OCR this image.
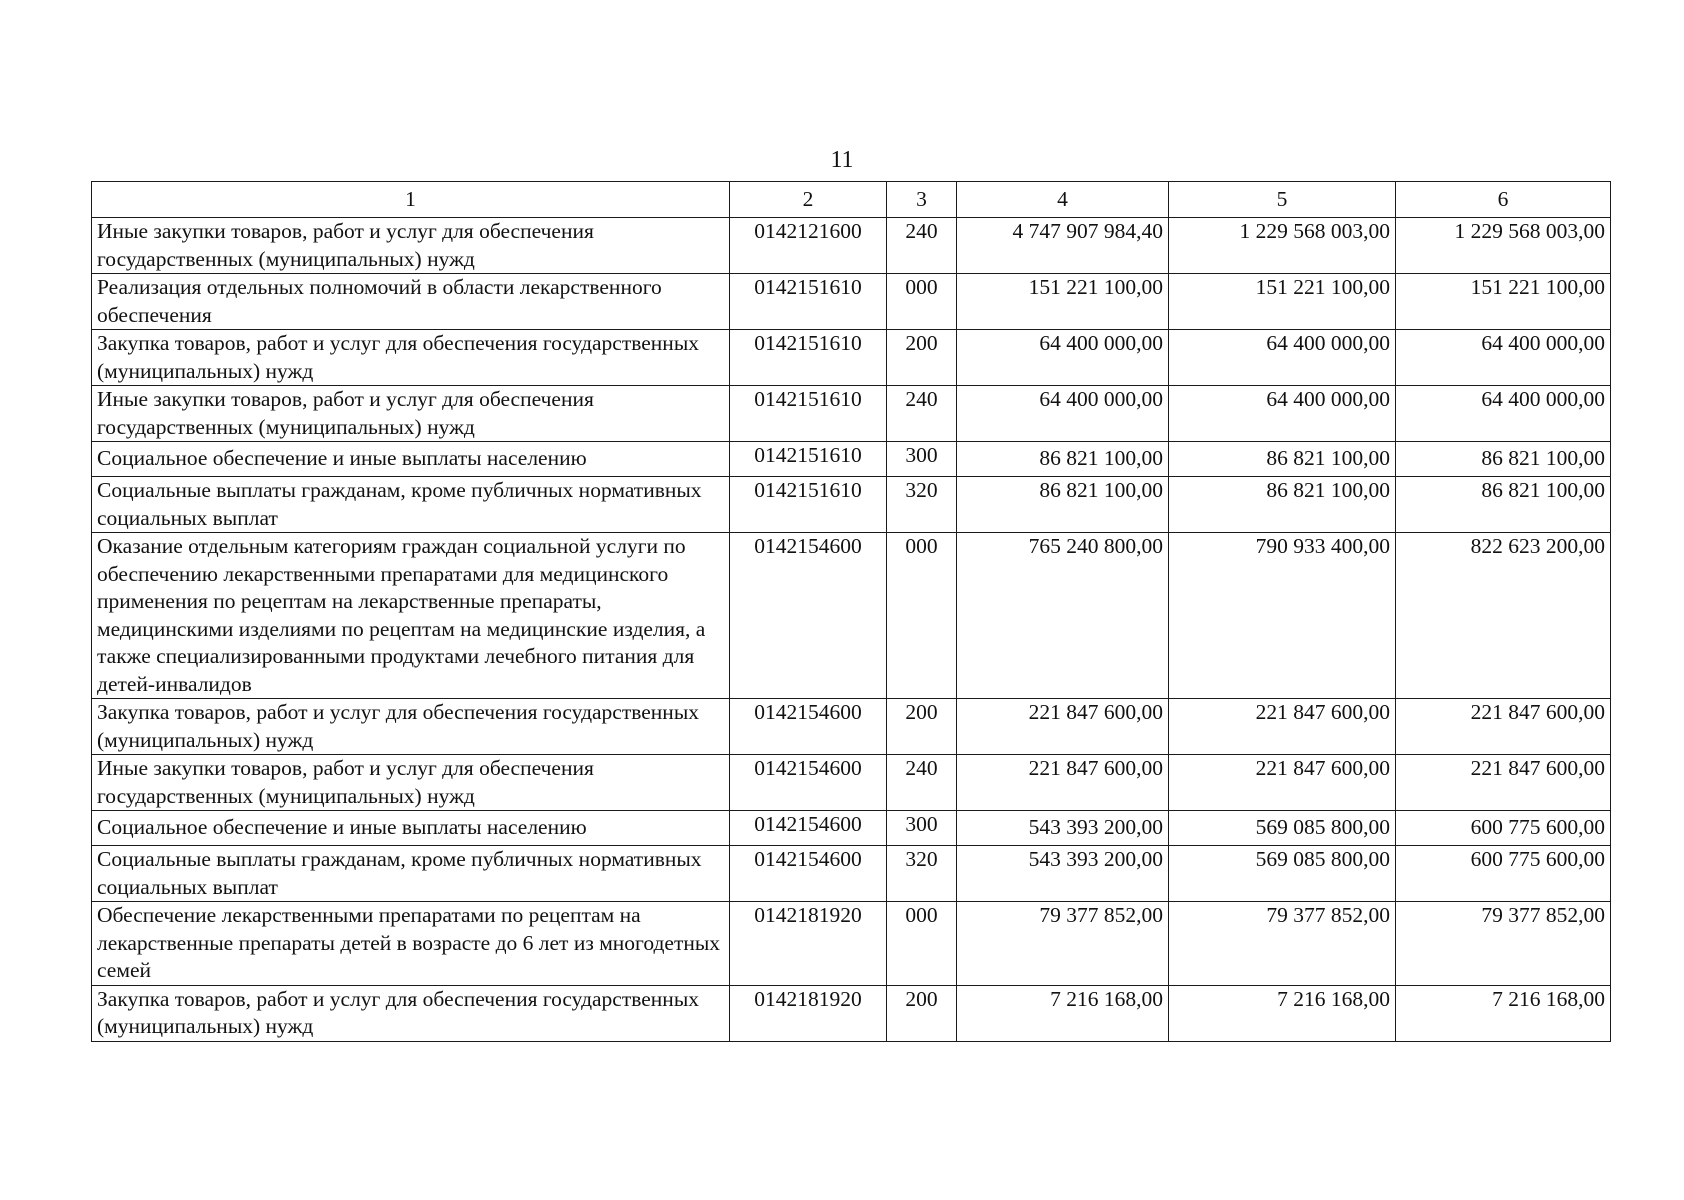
11
1	2	3	4	5	6
Иные закупки товаров, работ и услуг для обеспечения государственных (муниципальных) нужд	0142121600	240	4 747 907 984,40	1 229 568 003,00	1 229 568 003,00
Реализация отдельных полномочий в области лекарственного обеспечения	0142151610	000	151 221 100,00	151 221 100,00	151 221 100,00
Закупка товаров, работ и услуг для обеспечения государственных (муниципальных) нужд	0142151610	200	64 400 000,00	64 400 000,00	64 400 000,00
Иные закупки товаров, работ и услуг для обеспечения государственных (муниципальных) нужд	0142151610	240	64 400 000,00	64 400 000,00	64 400 000,00
Социальное обеспечение и иные выплаты населению	0142151610	300	86 821 100,00	86 821 100,00	86 821 100,00
Социальные выплаты гражданам, кроме публичных нормативных социальных выплат	0142151610	320	86 821 100,00	86 821 100,00	86 821 100,00
Оказание отдельным категориям граждан социальной услуги по обеспечению лекарственными препаратами для медицинского применения по рецептам на лекарственные препараты, медицинскими изделиями по рецептам на медицинские изделия, а также специализированными продуктами лечебного питания для детей-инвалидов	0142154600	000	765 240 800,00	790 933 400,00	822 623 200,00
Закупка товаров, работ и услуг для обеспечения государственных (муниципальных) нужд	0142154600	200	221 847 600,00	221 847 600,00	221 847 600,00
Иные закупки товаров, работ и услуг для обеспечения государственных (муниципальных) нужд	0142154600	240	221 847 600,00	221 847 600,00	221 847 600,00
Социальное обеспечение и иные выплаты населению	0142154600	300	543 393 200,00	569 085 800,00	600 775 600,00
Социальные выплаты гражданам, кроме публичных нормативных социальных выплат	0142154600	320	543 393 200,00	569 085 800,00	600 775 600,00
Обеспечение лекарственными препаратами по рецептам на лекарственные препараты детей в возрасте до 6 лет из многодетных семей	0142181920	000	79 377 852,00	79 377 852,00	79 377 852,00
Закупка товаров, работ и услуг для обеспечения государственных (муниципальных) нужд	0142181920	200	7 216 168,00	7 216 168,00	7 216 168,00
